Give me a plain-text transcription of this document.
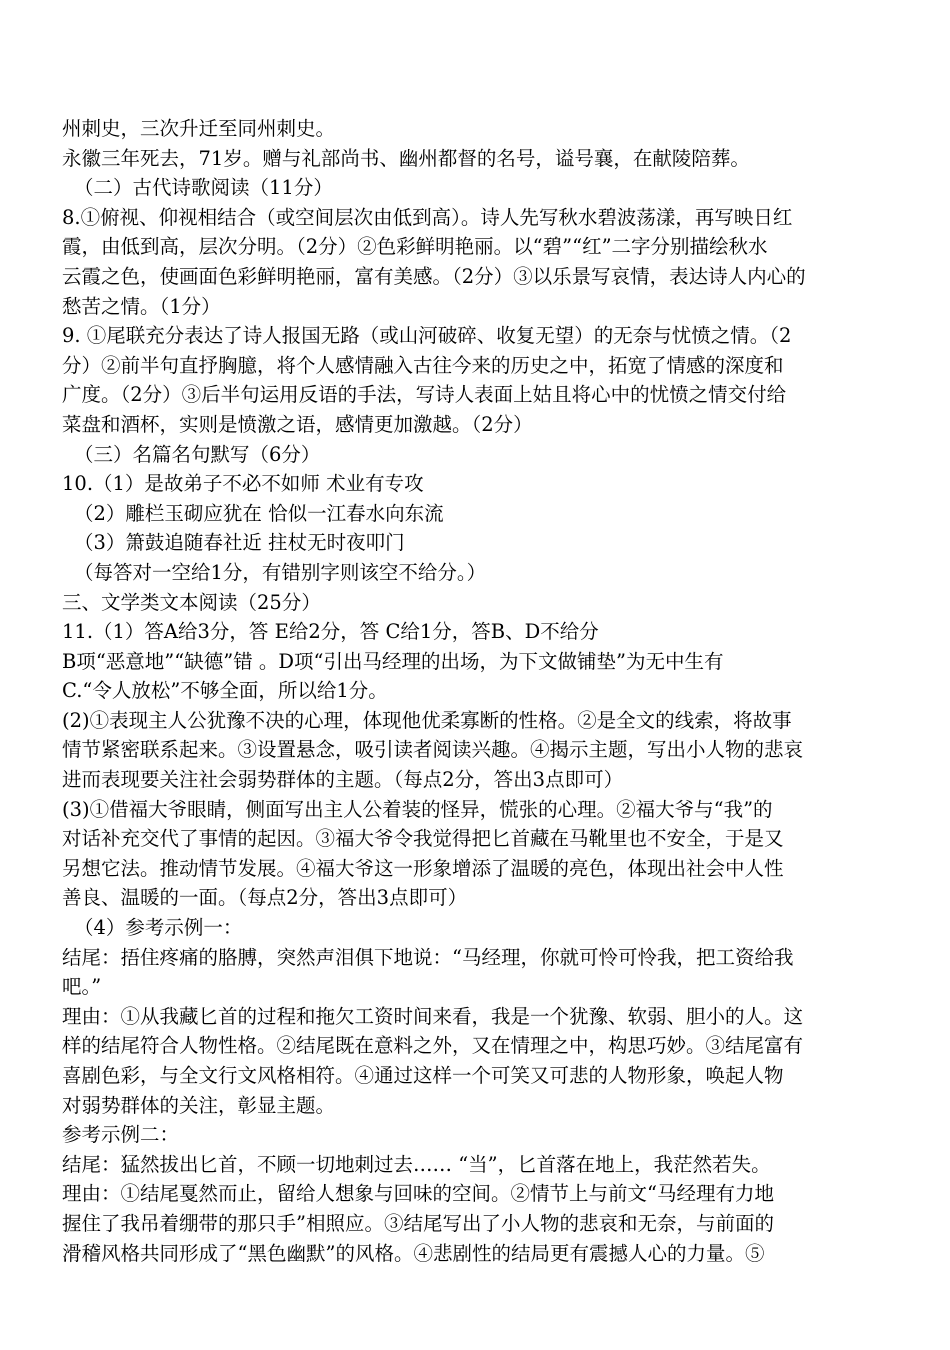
州刺史，三次升迁至同州刺史。
永徽三年死去，71岁。赠与礼部尚书、幽州都督的名号，谥号襄，在献陵陪葬。
（二）古代诗歌阅读（11分）
8.①俯视、仰视相结合（或空间层次由低到高）。诗人先写秋水碧波荡漾，再写映日红
霞，由低到高，层次分明。（2分）②色彩鲜明艳丽。以“碧”“红”二字分别描绘秋水
云霞之色，使画面色彩鲜明艳丽，富有美感。（2分）③以乐景写哀情，表达诗人内心的
愁苦之情。（1分）
9. ①尾联充分表达了诗人报国无路（或山河破碎、收复无望）的无奈与忧愤之情。（2
分）②前半句直抒胸臆，将个人感情融入古往今来的历史之中，拓宽了情感的深度和
广度。（2分）③后半句运用反语的手法，写诗人表面上姑且将心中的忧愤之情交付给
菜盘和酒杯，实则是愤激之语，感情更加激越。（2分）
（三）名篇名句默写（6分）
10.（1）是故弟子不必不如师 术业有专攻
（2）雕栏玉砌应犹在 恰似一江春水向东流
（3）箫鼓追随春社近 拄杖无时夜叩门
（每答对一空给1分，有错别字则该空不给分。）
三、文学类文本阅读（25分）
11.（1）答A给3分，答 E给2分，答 C给1分，答B、D不给分
B项“恶意地”“缺德”错 。D项“引出马经理的出场，为下文做铺垫”为无中生有
C.“令人放松”不够全面，所以给1分。
(2)①表现主人公犹豫不决的心理，体现他优柔寡断的性格。②是全文的线索，将故事
情节紧密联系起来。③设置悬念，吸引读者阅读兴趣。④揭示主题，写出小人物的悲哀
进而表现要关注社会弱势群体的主题。（每点2分，答出3点即可）
(3)①借福大爷眼睛，侧面写出主人公着装的怪异，慌张的心理。②福大爷与“我”的
对话补充交代了事情的起因。③福大爷令我觉得把匕首藏在马靴里也不安全，于是又
另想它法。推动情节发展。④福大爷这一形象增添了温暖的亮色，体现出社会中人性
善良、温暖的一面。（每点2分，答出3点即可）
（4）参考示例一：
结尾：捂住疼痛的胳膊，突然声泪俱下地说：“马经理，你就可怜可怜我，把工资给我
吧。”
理由：①从我藏匕首的过程和拖欠工资时间来看，我是一个犹豫、软弱、胆小的人。这
样的结尾符合人物性格。②结尾既在意料之外，又在情理之中，构思巧妙。③结尾富有
喜剧色彩，与全文行文风格相符。④通过这样一个可笑又可悲的人物形象，唤起人物
对弱势群体的关注，彰显主题。
参考示例二：
结尾：猛然拔出匕首，不顾一切地刺过去…… “当”，匕首落在地上，我茫然若失。
理由：①结尾戛然而止，留给人想象与回味的空间。②情节上与前文“马经理有力地
握住了我吊着绷带的那只手”相照应。③结尾写出了小人物的悲哀和无奈，与前面的
滑稽风格共同形成了“黑色幽默”的风格。④悲剧性的结局更有震撼人心的力量。⑤
